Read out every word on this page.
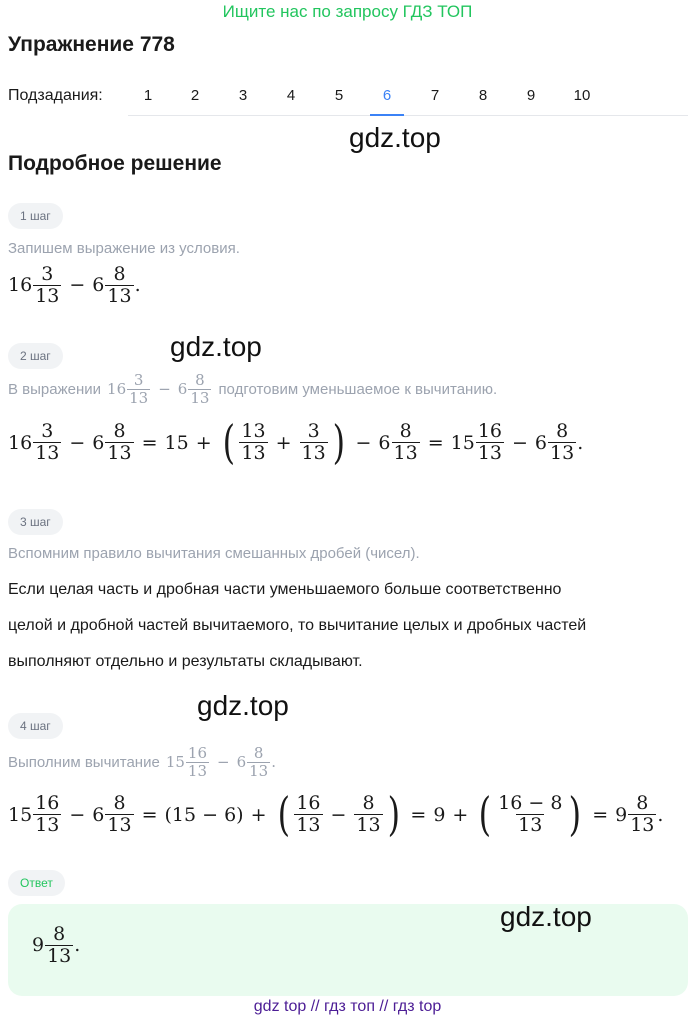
Ищите нас по запросу ГДЗ ТОП
Упражнение 778
Подзадания:	1	2	3	4	5	6	7	8	9	10
gdz.top
Подробное решение
1 шаг
Запишем выражение из условия.
$16 \frac{3}{13} - 6 \frac{8}{13}$ .
gdz.top
2 шаг
В выражении $16 \frac{3}{13} - 6 \frac{8}{13}$ подготовим уменьшаемое к вычитанию.
$16 \frac{3}{13} - 6 \frac{8}{13} = 15$ + ( $\frac{13}{13} + \frac{3}{13}$ ) − $6 \frac{8}{13} = 15 \frac{16}{13} - 6 \frac{8}{13}$ .
3 шаг
Вспомним правило вычитания смешанных дробей (чисел).
Если целая часть и дробная части уменьшаемого больше соответственно
целой и дробной частей вычитаемого, то вычитание целых и дробных частей
выполняют отдельно и результаты складывают.
gdz.top
4 шаг
Выполним вычитание $15 \frac{16}{13} - 6 \frac{8}{13}$ .
$15 \frac{16}{13} - 6 \frac{8}{13} = (15 - 6)$ + ( $\frac{16}{13} - \frac{8}{13}$ ) = 9 + ( $\frac{16 - 8}{13}$ ) = $9 \frac{8}{13}$ .
Ответ
$9 \frac{8}{13}$ .
gdz.top
gdz top // гдз топ // гдз top
